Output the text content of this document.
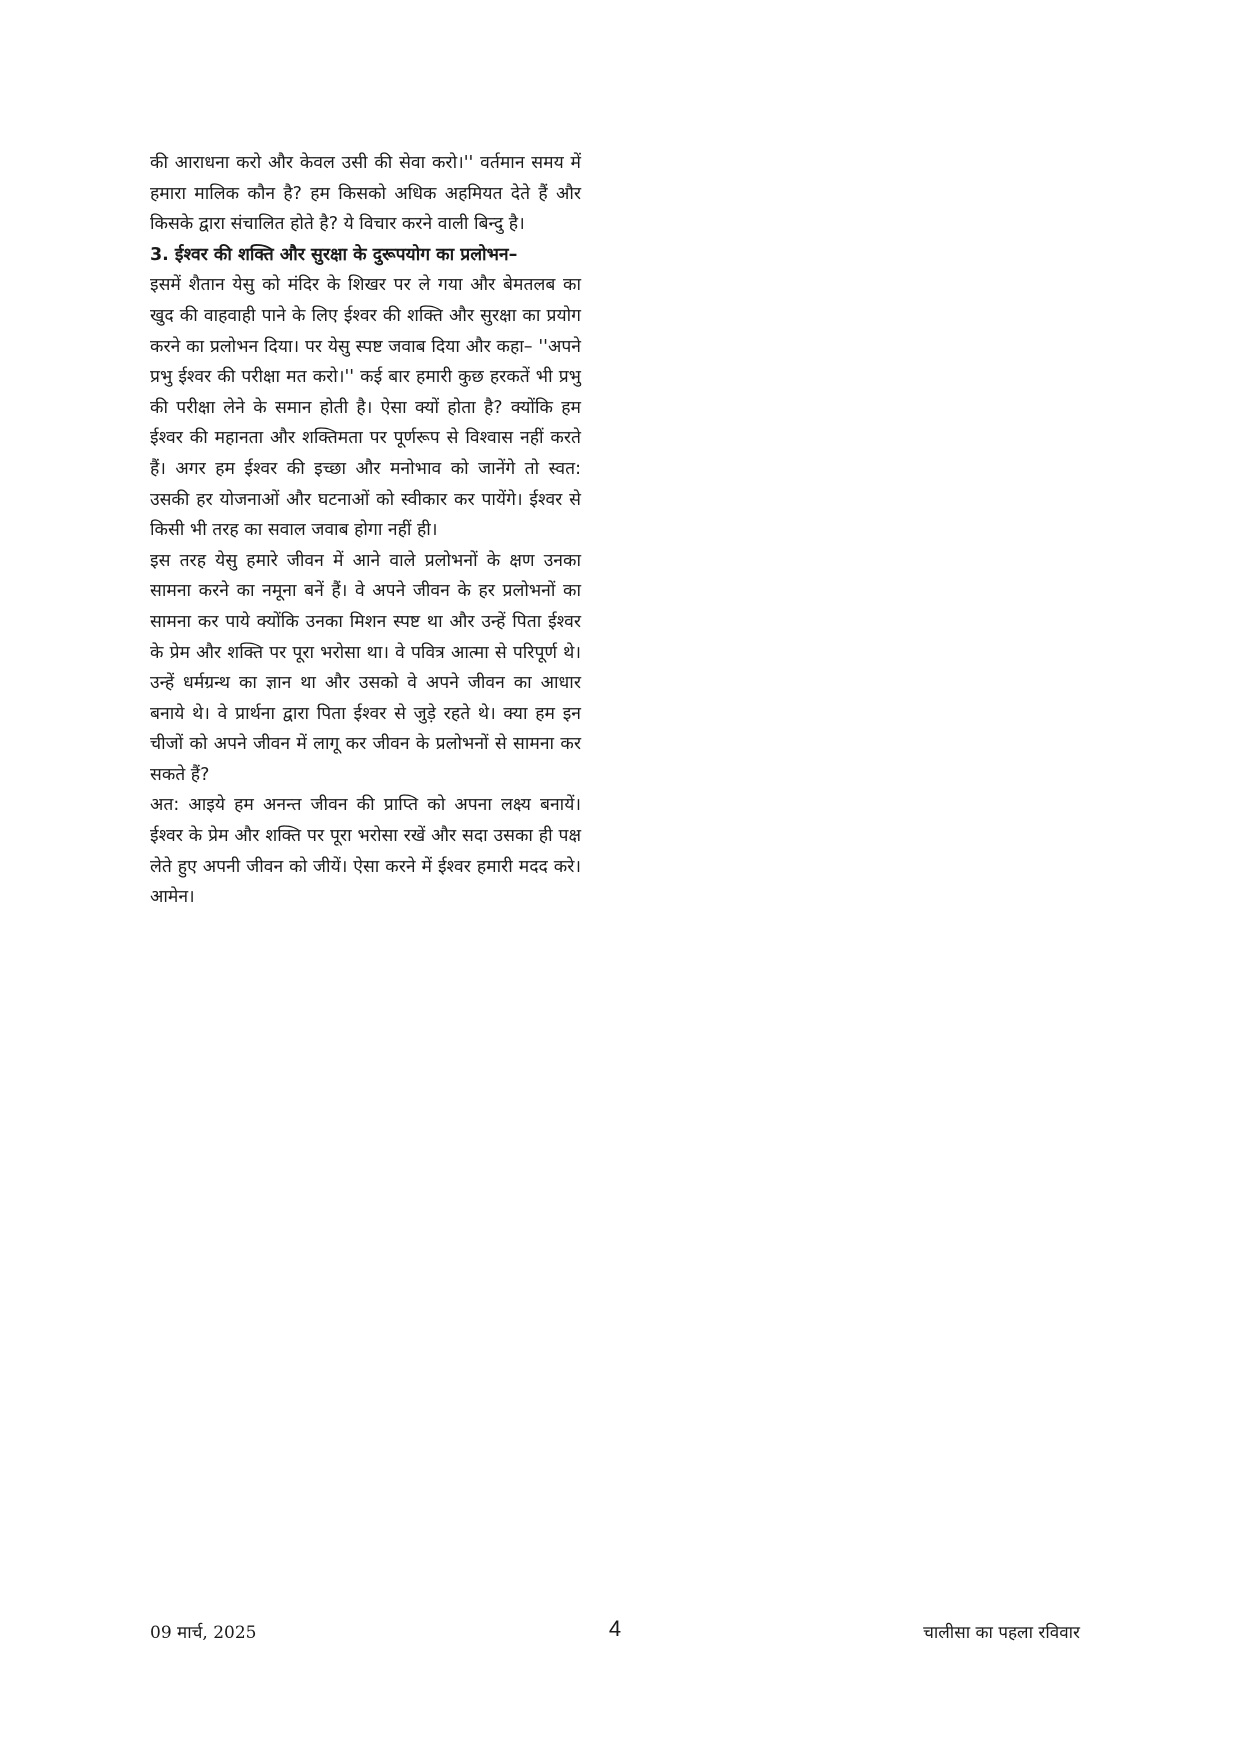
की आराधना करो और केवल उसी की सेवा करो।'' वर्तमान समय में हमारा मालिक कौन है? हम किसको अधिक अहमियत देते हैं और किसके द्वारा संचालित होते है? ये विचार करने वाली बिन्दु है।

3. ईश्वर की शक्ति और सुरक्षा के दुरूपयोग का प्रलोभन–

इसमें शैतान येसु को मंदिर के शिखर पर ले गया और बेमतलब का खुद की वाहवाही पाने के लिए ईश्वर की शक्ति और सुरक्षा का प्रयोग करने का प्रलोभन दिया। पर येसु स्पष्ट जवाब दिया और कहा– ''अपने प्रभु ईश्वर की परीक्षा मत करो।'' कई बार हमारी कुछ हरकतें भी प्रभु की परीक्षा लेने के समान होती है। ऐसा क्यों होता है? क्योंकि हम ईश्वर की महानता और शक्तिमता पर पूर्णरूप से विश्वास नहीं करते हैं। अगर हम ईश्वर की इच्छा और मनोभाव को जानेंगे तो स्वत: उसकी हर योजनाओं और घटनाओं को स्वीकार कर पायेंगे। ईश्वर से किसी भी तरह का सवाल जवाब होगा नहीं ही।

इस तरह येसु हमारे जीवन में आने वाले प्रलोभनों के क्षण उनका सामना करने का नमूना बनें हैं। वे अपने जीवन के हर प्रलोभनों का सामना कर पाये क्योंकि उनका मिशन स्पष्ट था और उन्हें पिता ईश्वर के प्रेम और शक्ति पर पूरा भरोसा था। वे पवित्र आत्मा से परिपूर्ण थे। उन्हें धर्मग्रन्थ का ज्ञान था और उसको वे अपने जीवन का आधार बनाये थे। वे प्रार्थना द्वारा पिता ईश्वर से जुड़े रहते थे। क्या हम इन चीजों को अपने जीवन में लागू कर जीवन के प्रलोभनों से सामना कर सकते हैं?

अत: आइये हम अनन्त जीवन की प्राप्ति को अपना लक्ष्य बनायें। ईश्वर के प्रेम और शक्ति पर पूरा भरोसा रखें और सदा उसका ही पक्ष लेते हुए अपनी जीवन को जीयें। ऐसा करने में ईश्वर हमारी मदद करे। आमेन।

09 मार्च, 2025	4	चालीसा का पहला रविवार
